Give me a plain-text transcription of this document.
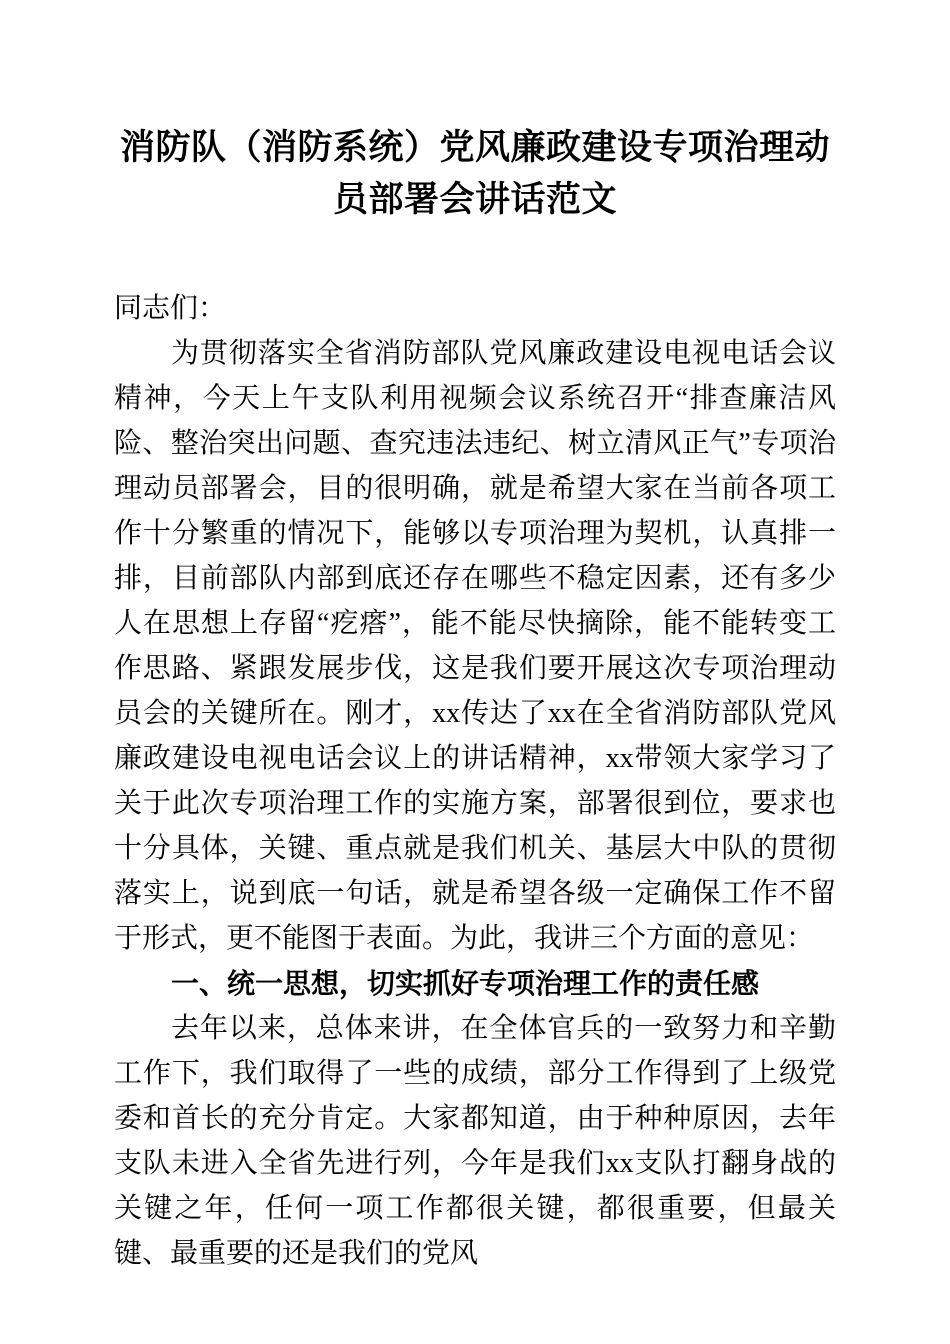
消防队（消防系统）党风廉政建设专项治理动员部署会讲话范文

同志们：

为贯彻落实全省消防部队党风廉政建设电视电话会议精神，今天上午支队利用视频会议系统召开“排查廉洁风险、整治突出问题、查究违法违纪、树立清风正气”专项治理动员部署会，目的很明确，就是希望大家在当前各项工作十分繁重的情况下，能够以专项治理为契机，认真排一排，目前部队内部到底还存在哪些不稳定因素，还有多少人在思想上存留“疙瘩”，能不能尽快摘除，能不能转变工作思路、紧跟发展步伐，这是我们要开展这次专项治理动员会的关键所在。刚才，xx传达了xx在全省消防部队党风廉政建设电视电话会议上的讲话精神，xx带领大家学习了关于此次专项治理工作的实施方案，部署很到位，要求也十分具体，关键、重点就是我们机关、基层大中队的贯彻落实上，说到底一句话，就是希望各级一定确保工作不留于形式，更不能图于表面。为此，我讲三个方面的意见：

一、统一思想，切实抓好专项治理工作的责任感

去年以来，总体来讲，在全体官兵的一致努力和辛勤工作下，我们取得了一些的成绩，部分工作得到了上级党委和首长的充分肯定。大家都知道，由于种种原因，去年支队未进入全省先进行列，今年是我们xx支队打翻身战的关键之年，任何一项工作都很关键，都很重要，但最关键、最重要的还是我们的党风
